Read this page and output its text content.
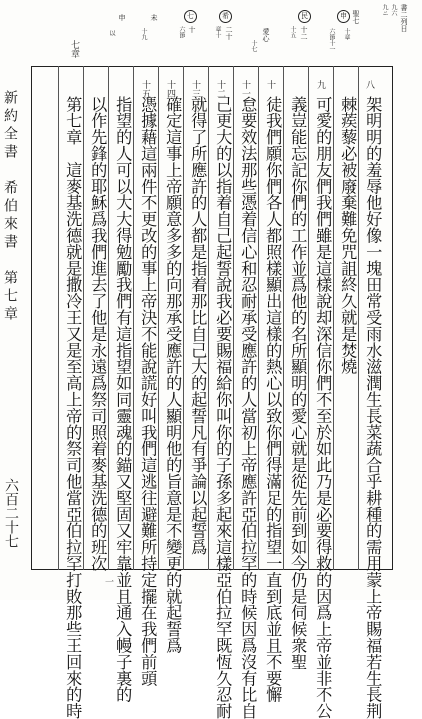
新約全書　希伯來書　第七章
六百二十七
七章
書二列日
九六
九ニ
申 聖七
十章
六節十一
民
十二
十五
愛心
十七
希
二十
章十
七
十
六節
未
十九
申
以
八
九
十
十一
十二
十三
十四
十五
架明明的羞辱他好像一塊田常受雨水滋潤生長菜蔬合乎耕種的需用蒙上帝賜福若生長荆
棘蒺藜必被廢棄難免咒詛終久就是焚燒
可愛的朋友們我們雖是這樣說却深信你們不至於如此乃是必要得救的因爲上帝並非不公
義豈能忘記你們的工作並爲他的名所顯明的愛心就是從先前到如今仍是伺候衆聖
徒我們願你們各人都照樣顯出這樣的熱心以致你們得滿足的指望一直到底並且不要懈
怠要效法那些憑着信心和忍耐承受應許的人當初上帝應許亞伯拉罕的時候因爲沒有比自
己更大的以指着自己起誓說我必要賜福給你叫你的子孫多起來這樣亞伯拉罕既恆久忍耐
就得了所應許的人都是指着那比自己大的起誓凡有爭論以起誓爲
確定這事上帝願意多多的向那承受應許的人顯明他的旨意是不變更的就起誓爲
憑據藉這兩件不更改的事上帝決不能說謊好叫我們這逃往避難所持定擺在我們前頭
指望的人可以大大得勉勵我們有這指望如同靈魂的錨又堅固又牢靠並且通入幔子裏的
以作先鋒的耶穌爲我們進去了他是永遠爲祭司照着麥基洗德的班次
第七章　這麥基洗德就是撒冷王又是至高上帝的祭司他當亞伯拉罕打敗那些王回來的時	一
